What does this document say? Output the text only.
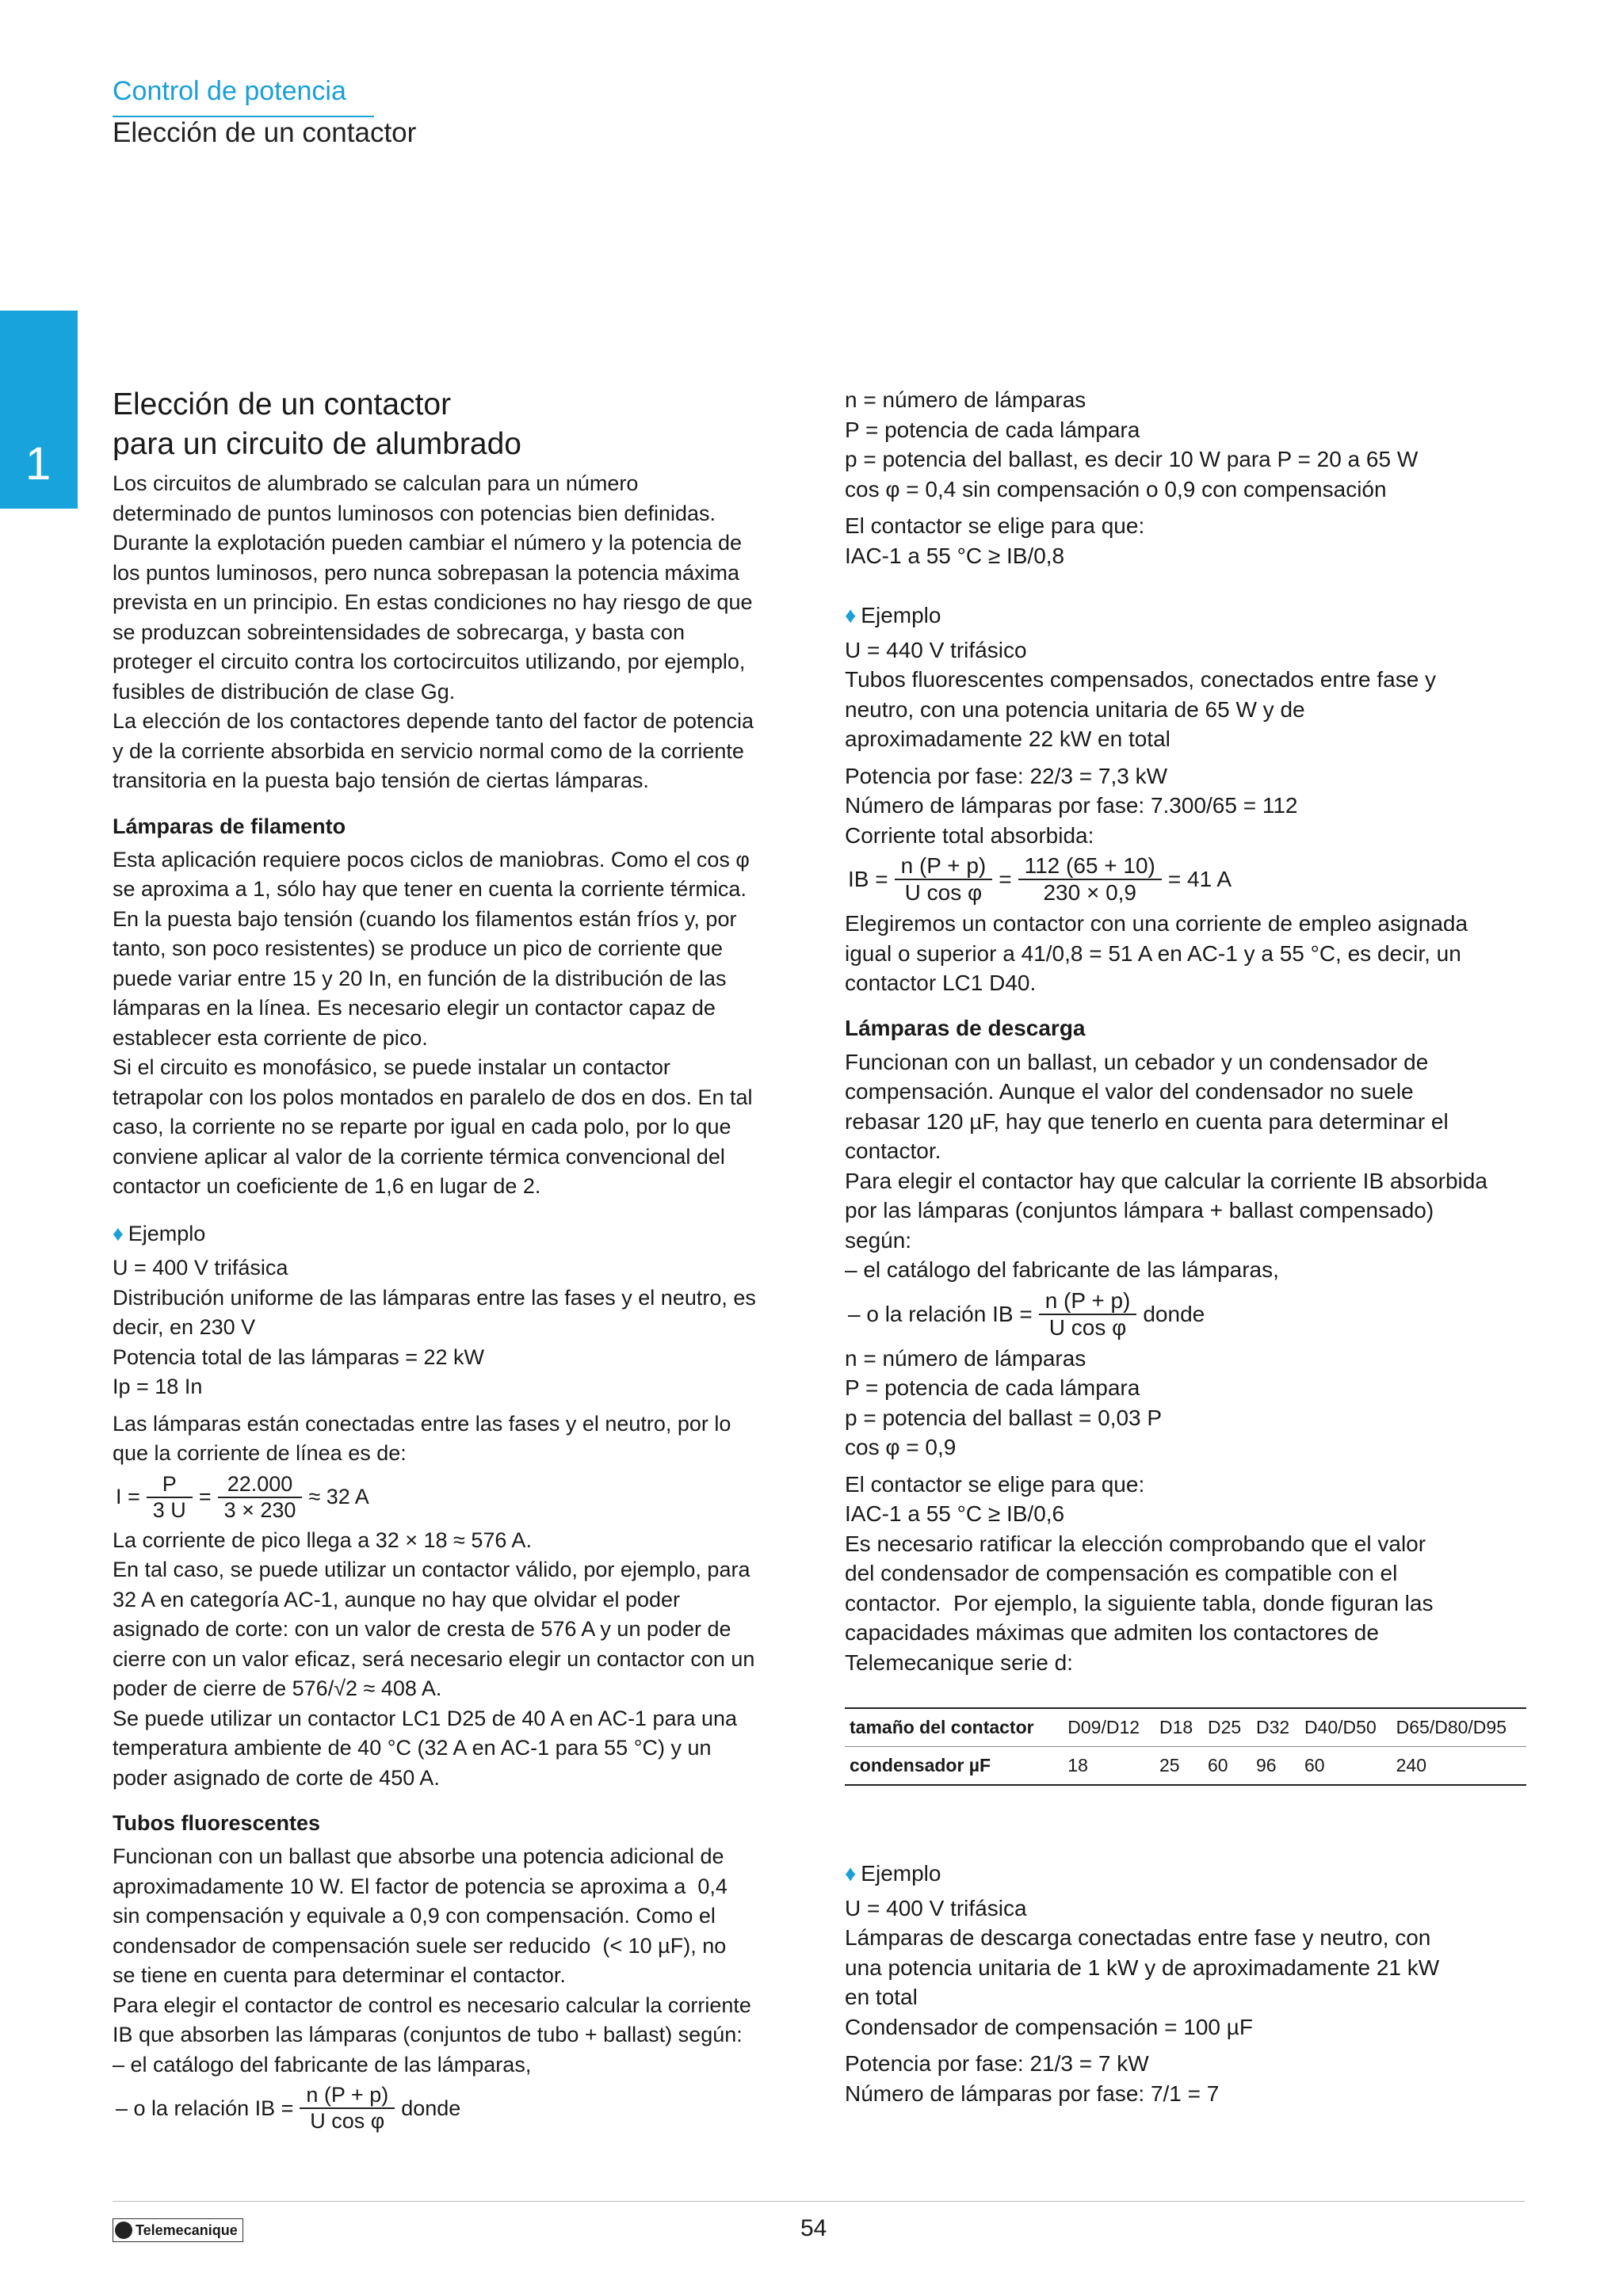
Control de potencia
Elección de un contactor
1
Elección de un contactor
para un circuito de alumbrado

Los circuitos de alumbrado se calculan para un número
determinado de puntos luminosos con potencias bien definidas.
Durante la explotación pueden cambiar el número y la potencia de
los puntos luminosos, pero nunca sobrepasan la potencia máxima
prevista en un principio. En estas condiciones no hay riesgo de que
se produzcan sobreintensidades de sobrecarga, y basta con
proteger el circuito contra los cortocircuitos utilizando, por ejemplo,
fusibles de distribución de clase Gg.
La elección de los contactores depende tanto del factor de potencia
y de la corriente absorbida en servicio normal como de la corriente
transitoria en la puesta bajo tensión de ciertas lámparas.

Lámparas de filamento

Esta aplicación requiere pocos ciclos de maniobras. Como el cos φ
se aproxima a 1, sólo hay que tener en cuenta la corriente térmica.
En la puesta bajo tensión (cuando los filamentos están fríos y, por
tanto, son poco resistentes) se produce un pico de corriente que
puede variar entre 15 y 20 In, en función de la distribución de las
lámparas en la línea. Es necesario elegir un contactor capaz de
establecer esta corriente de pico.
Si el circuito es monofásico, se puede instalar un contactor
tetrapolar con los polos montados en paralelo de dos en dos. En tal
caso, la corriente no se reparte por igual en cada polo, por lo que
conviene aplicar al valor de la corriente térmica convencional del
contactor un coeficiente de 1,6 en lugar de 2.

♦ Ejemplo

U = 400 V trifásica
Distribución uniforme de las lámparas entre las fases y el neutro, es
decir, en 230 V
Potencia total de las lámparas = 22 kW
Ip = 18 In

Las lámparas están conectadas entre las fases y el neutro, por lo
que la corriente de línea es de:

$I = \frac{P}{3 U} = \frac{22.000}{3 \times 230} \approx 32$ A

La corriente de pico llega a 32 × 18 ≈ 576 A.
En tal caso, se puede utilizar un contactor válido, por ejemplo, para
32 A en categoría AC-1, aunque no hay que olvidar el poder
asignado de corte: con un valor de cresta de 576 A y un poder de
cierre con un valor eficaz, será necesario elegir un contactor con un
poder de cierre de 576/√2 ≈ 408 A.
Se puede utilizar un contactor LC1 D25 de 40 A en AC-1 para una
temperatura ambiente de 40 °C (32 A en AC-1 para 55 °C) y un
poder asignado de corte de 450 A.

Tubos fluorescentes

Funcionan con un ballast que absorbe una potencia adicional de
aproximadamente 10 W. El factor de potencia se aproxima a  0,4
sin compensación y equivale a 0,9 con compensación. Como el
condensador de compensación suele ser reducido  (< 10 µF), no
se tiene en cuenta para determinar el contactor.
Para elegir el contactor de control es necesario calcular la corriente
IB que absorben las lámparas (conjuntos de tubo + ballast) según:
– el catálogo del fabricante de las lámparas,

– o la relación IB = $\frac{n (P + p)}{\text{U cos φ}}$ donde

n = número de lámparas
P = potencia de cada lámpara
p = potencia del ballast, es decir 10 W para P = 20 a 65 W
cos φ = 0,4 sin compensación o 0,9 con compensación

El contactor se elige para que:
IAC-1 a 55 °C ≥ IB/0,8

♦ Ejemplo

U = 440 V trifásico
Tubos fluorescentes compensados, conectados entre fase y
neutro, con una potencia unitaria de 65 W y de
aproximadamente 22 kW en total

Potencia por fase: 22/3 = 7,3 kW
Número de lámparas por fase: 7.300/65 = 112
Corriente total absorbida:

IB = $\frac{n (P + p)}{\text{U cos φ}} = \frac{112 (65 + 10)}{230 \times 0,9} = 41$ A

Elegiremos un contactor con una corriente de empleo asignada
igual o superior a 41/0,8 = 51 A en AC-1 y a 55 °C, es decir, un
contactor LC1 D40.

Lámparas de descarga

Funcionan con un ballast, un cebador y un condensador de
compensación. Aunque el valor del condensador no suele
rebasar 120 µF, hay que tenerlo en cuenta para determinar el
contactor.
Para elegir el contactor hay que calcular la corriente IB absorbida
por las lámparas (conjuntos lámpara + ballast compensado)
según:
– el catálogo del fabricante de las lámparas,

– o la relación IB = $\frac{n (P + p)}{\text{U cos φ}}$ donde

n = número de lámparas
P = potencia de cada lámpara
p = potencia del ballast = 0,03 P
cos φ = 0,9

El contactor se elige para que:
IAC-1 a 55 °C ≥ IB/0,6
Es necesario ratificar la elección comprobando que el valor
del condensador de compensación es compatible con el
contactor.  Por ejemplo, la siguiente tabla, donde figuran las
capacidades máximas que admiten los contactores de
Telemecanique serie d:

tamaño del contactor	D09/D12	D18	D25	D32	D40/D50	D65/D80/D95
condensador µF	18	25	60	96	60	240
♦ Ejemplo

U = 400 V trifásica
Lámparas de descarga conectadas entre fase y neutro, con
una potencia unitaria de 1 kW y de aproximadamente 21 kW
en total
Condensador de compensación = 100 µF

Potencia por fase: 21/3 = 7 kW
Número de lámparas por fase: 7/1 = 7

Telemecanique	54
